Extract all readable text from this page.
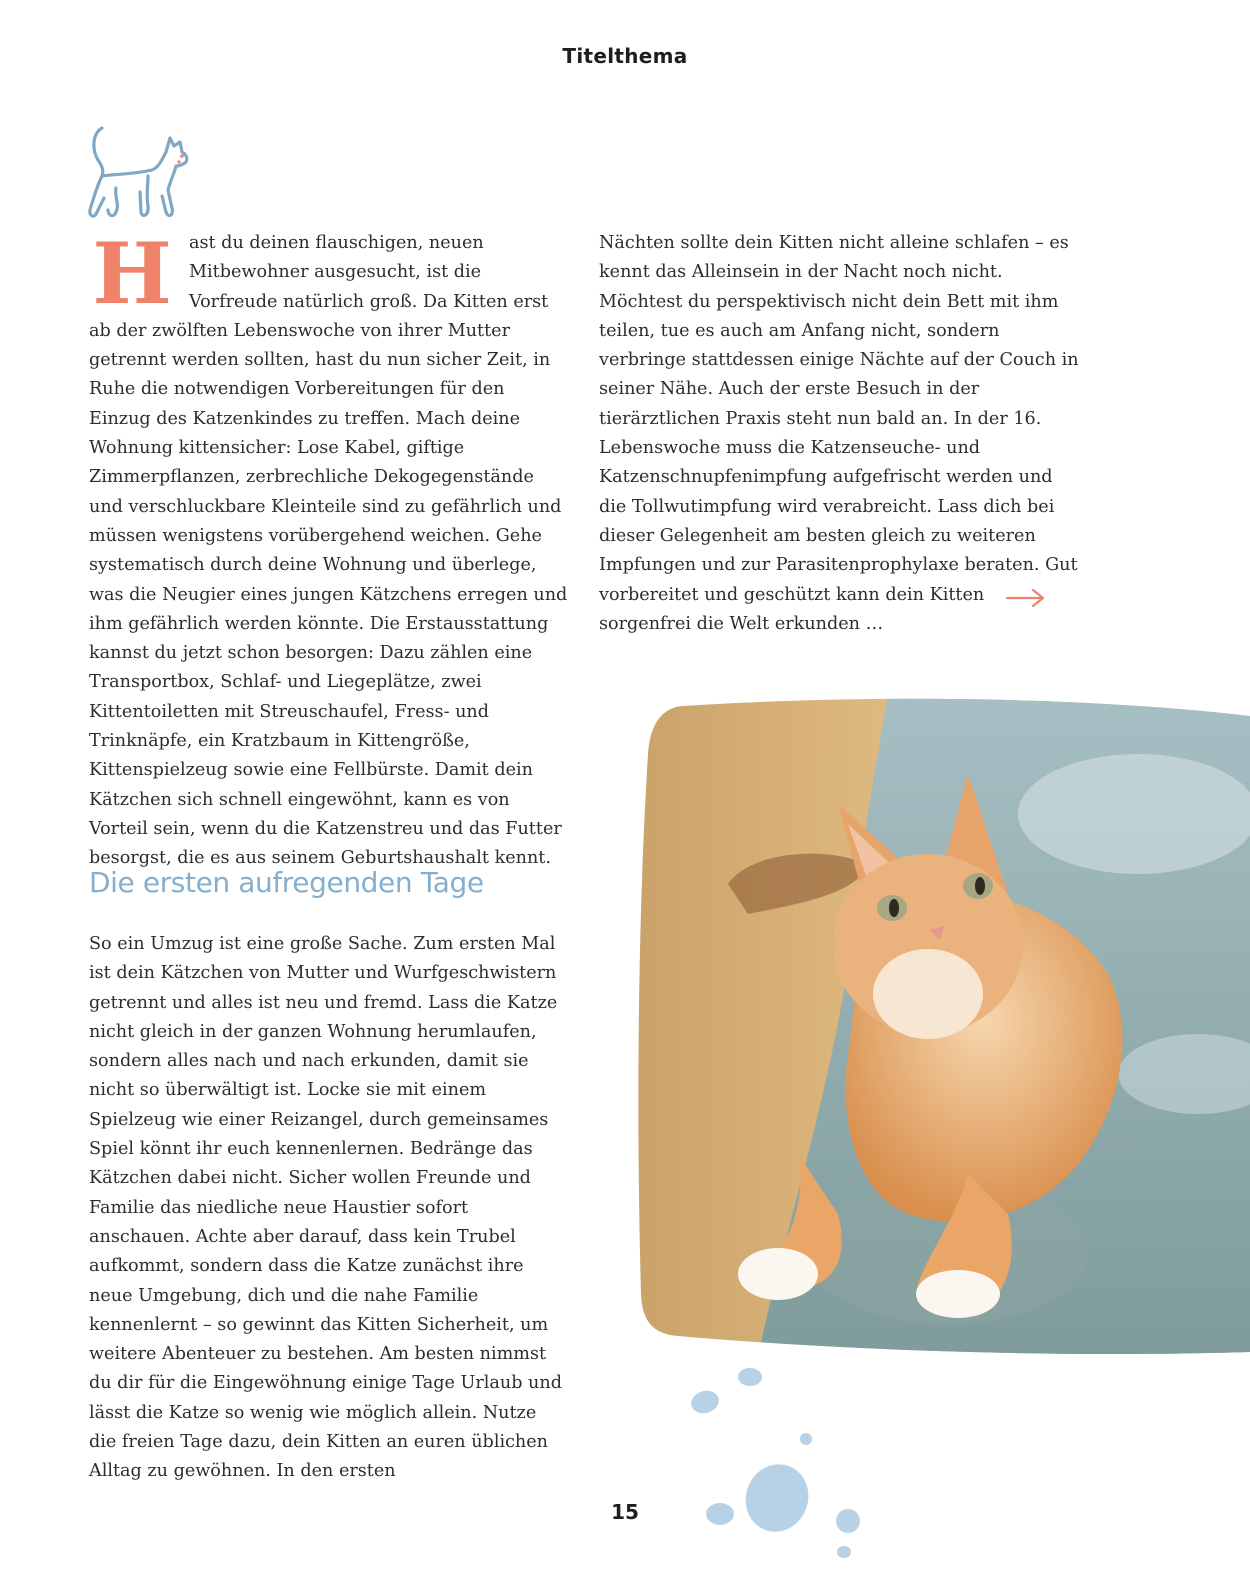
Titelthema
H ast du deinen flauschigen, neuen Mitbewohner ausgesucht, ist die Vorfreude natürlich groß. Da Kitten erst ab der zwölften Lebenswoche von ihrer Mutter getrennt werden sollten, hast du nun sicher Zeit, in Ruhe die notwendigen Vorbereitungen für den Einzug des Katzenkindes zu treffen. Mach deine Wohnung kittensicher: Lose Kabel, giftige Zimmerpflanzen, zerbrechliche Dekogegenstände und verschluckbare Kleinteile sind zu gefährlich und müssen wenigstens vorübergehend weichen. Gehe systematisch durch deine Wohnung und überlege, was die Neugier eines jungen Kätzchens erregen und ihm gefährlich werden könnte. Die Erstausstattung kannst du jetzt schon besorgen: Dazu zählen eine Transportbox, Schlaf- und Liegeplätze, zwei Kittentoiletten mit Streuschaufel, Fress- und Trinknäpfe, ein Kratzbaum in Kittengröße, Kittenspielzeug sowie eine Fellbürste. Damit dein Kätzchen sich schnell eingewöhnt, kann es von Vorteil sein, wenn du die Katzenstreu und das Futter besorgst, die es aus seinem Geburtshaushalt kennt.

Die ersten aufregenden Tage

So ein Umzug ist eine große Sache. Zum ersten Mal ist dein Kätzchen von Mutter und Wurfgeschwistern getrennt und alles ist neu und fremd. Lass die Katze nicht gleich in der ganzen Wohnung herumlaufen, sondern alles nach und nach erkunden, damit sie nicht so überwältigt ist. Locke sie mit einem Spielzeug wie einer Reizangel, durch gemeinsames Spiel könnt ihr euch kennenlernen. Bedränge das Kätzchen dabei nicht. Sicher wollen Freunde und Familie das niedliche neue Haustier sofort anschauen. Achte aber darauf, dass kein Trubel aufkommt, sondern dass die Katze zunächst ihre neue Umgebung, dich und die nahe Familie kennenlernt – so gewinnt das Kitten Sicherheit, um weitere Abenteuer zu bestehen. Am besten nimmst du dir für die Eingewöhnung einige Tage Urlaub und lässt die Katze so wenig wie möglich allein. Nutze die freien Tage dazu, dein Kitten an euren üblichen Alltag zu gewöhnen. In den ersten

Nächten sollte dein Kitten nicht alleine schlafen – es kennt das Alleinsein in der Nacht noch nicht. Möchtest du perspektivisch nicht dein Bett mit ihm teilen, tue es auch am Anfang nicht, sondern verbringe stattdessen einige Nächte auf der Couch in seiner Nähe. Auch der erste Besuch in der tierärztlichen Praxis steht nun bald an. In der 16. Lebenswoche muss die Katzenseuche- und Katzenschnupfenimpfung aufgefrischt werden und die Tollwutimpfung wird verabreicht. Lass dich bei dieser Gelegenheit am besten gleich zu weiteren Impfungen und zur Parasitenprophylaxe beraten. Gut vorbereitet und geschützt kann dein Kitten sorgenfrei die Welt erkunden …

15
